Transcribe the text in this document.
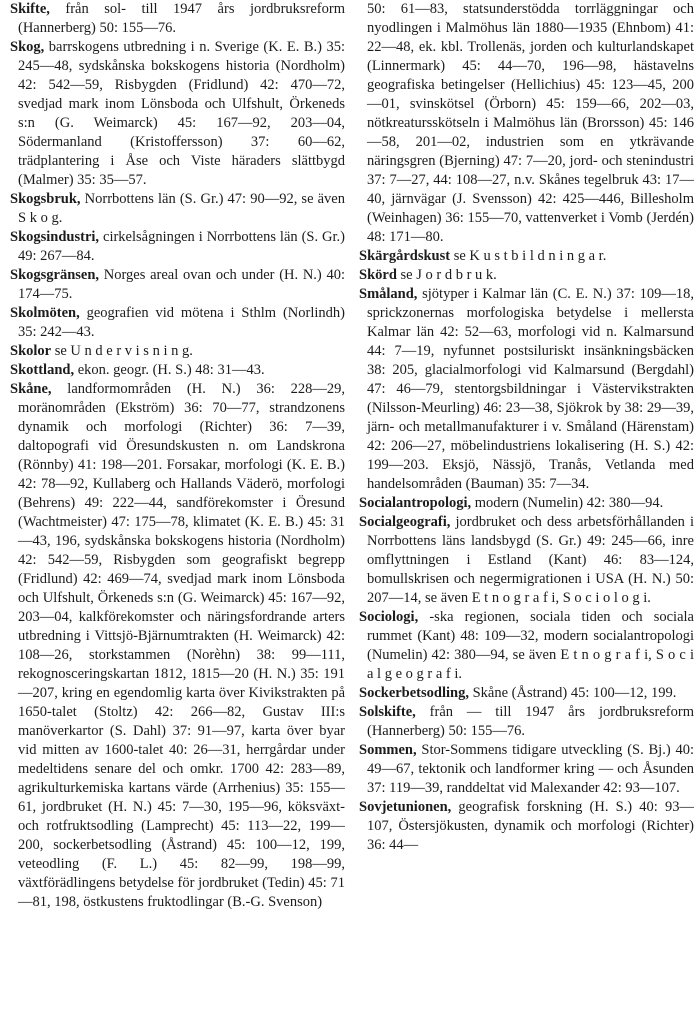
Skifte, från sol- till 1947 års jordbruksreform (Hannerberg) 50: 155—76.

Skog, barrskogens utbredning i n. Sverige (K. E. B.) 35: 245—48, sydskånska bokskogens historia (Nordholm) 42: 542—59, Risbygden (Fridlund) 42: 470—72, svedjad mark inom Lönsboda och Ulfshult, Örkeneds s:n (G. Weimarck) 45: 167—92, 203—04, Södermanland (Kristoffersson) 37: 60—62, trädplantering i Åse och Viste häraders slättbygd (Malmer) 35: 35—57.

Skogsbruk, Norrbottens län (S. Gr.) 47: 90—92, se även S k o g.

Skogsindustri, cirkelsågningen i Norrbottens län (S. Gr.) 49: 267—84.

Skogsgränsen, Norges areal ovan och under (H. N.) 40: 174—75.

Skolmöten, geografien vid mötena i Sthlm (Norlindh) 35: 242—43.

Skolor se U n d e r v i s n i n g.

Skottland, ekon. geogr. (H. S.) 48: 31—43.

Skåne, landformområden (H. N.) 36: 228—29, moränområden (Ekström) 36: 70—77, strandzonens dynamik och morfologi (Richter) 36: 7—39, daltopografi vid Öresundskusten n. om Landskrona (Rönnby) 41: 198—201. Forsakar, morfologi (K. E. B.) 42: 78—92, Kullaberg och Hallands Väderö, morfologi (Behrens) 49: 222—44, sandförekomster i Öresund (Wachtmeister) 47: 175—78, klimatet (K. E. B.) 45: 31—43, 196, sydskånska bokskogens historia (Nordholm) 42: 542—59, Risbygden som geografiskt begrepp (Fridlund) 42: 469—74, svedjad mark inom Lönsboda och Ulfshult, Örkeneds s:n (G. Weimarck) 45: 167—92, 203—04, kalkförekomster och näringsfordrande arters utbredning i Vittsjö-Bjärnumtrakten (H. Weimarck) 42: 108—26, storkstammen (Norèhn) 38: 99—111, rekognosceringskartan 1812, 1815—20 (H. N.) 35: 191—207, kring en egendomlig karta över Kivikstrakten på 1650-talet (Stoltz) 42: 266—82, Gustav III:s manöverkartor (S. Dahl) 37: 91—97, karta över byar vid mitten av 1600-talet 40: 26—31, herrgårdar under medeltidens senare del och omkr. 1700 42: 283—89, agrikulturkemiska kartans värde (Arrhenius) 35: 155—61, jordbruket (H. N.) 45: 7—30, 195—96, köksväxt- och rotfruktsodling (Lamprecht) 45: 113—22, 199—200, sockerbetsodling (Åstrand) 45: 100—12, 199, veteodling (F. L.) 45: 82—99, 198—99, växtförädlingens betydelse för jordbruket (Tedin) 45: 71—81, 198, östkustens fruktodlingar (B.-G. Svenson)

50: 61—83, statsunderstödda torrläggningar och nyodlingen i Malmöhus län 1880—1935 (Ehnbom) 41: 22—48, ek. kbl. Trollenäs, jorden och kulturlandskapet (Linnermark) 45: 44—70, 196—98, hästavelns geografiska betingelser (Hellichius) 45: 123—45, 200—01, svinskötsel (Örborn) 45: 159—66, 202—03, nötkreatursskötseln i Malmöhus län (Brorsson) 45: 146—58, 201—02, industrien som en ytkrävande näringsgren (Bjerning) 47: 7—20, jord- och stenindustri 37: 7—27, 44: 108—27, n.v. Skånes tegelbruk 43: 17—40, järnvägar (J. Svensson) 42: 425—446, Billesholm (Weinhagen) 36: 155—70, vattenverket i Vomb (Jerdén) 48: 171—80.

Skärgårdskust se K u s t b i l d n i n g a r.

Skörd se J o r d b r u k.

Småland, sjötyper i Kalmar län (C. E. N.) 37: 109—18, sprickzonernas morfologiska betydelse i mellersta Kalmar län 42: 52—63, morfologi vid n. Kalmarsund 44: 7—19, nyfunnet postsiluriskt insänkningsbäcken 38: 205, glacialmorfologi vid Kalmarsund (Bergdahl) 47: 46—79, stentorgsbildningar i Västervikstrakten (Nilsson-Meurling) 46: 23—38, Sjökrok by 38: 29—39, järn- och metallmanufakturer i v. Småland (Härenstam) 42: 206—27, möbelindustriens lokalisering (H. S.) 42: 199—203. Eksjö, Nässjö, Tranås, Vetlanda med handelsområden (Bauman) 35: 7—34.

Socialantropologi, modern (Numelin) 42: 380—94.

Socialgeografi, jordbruket och dess arbetsförhållanden i Norrbottens läns landsbygd (S. Gr.) 49: 245—66, inre omflyttningen i Estland (Kant) 46: 83—124, bomullskrisen och negermigrationen i USA (H. N.) 50: 207—14, se även E t n o g r a f i, S o c i o l o g i.

Sociologi, -ska regionen, sociala tiden och sociala rummet (Kant) 48: 109—32, modern socialantropologi (Numelin) 42: 380—94, se även E t n o g r a f i, S o c i a l g e o g r a f i.

Sockerbetsodling, Skåne (Åstrand) 45: 100—12, 199.

Solskifte, från — till 1947 års jordbruksreform (Hannerberg) 50: 155—76.

Sommen, Stor-Sommens tidigare utveckling (S. Bj.) 40: 49—67, tektonik och landformer kring — och Åsunden 37: 119—39, randdeltat vid Malexander 42: 93—107.

Sovjetunionen, geografisk forskning (H. S.) 40: 93—107, Östersjökusten, dynamik och morfologi (Richter) 36: 44—
